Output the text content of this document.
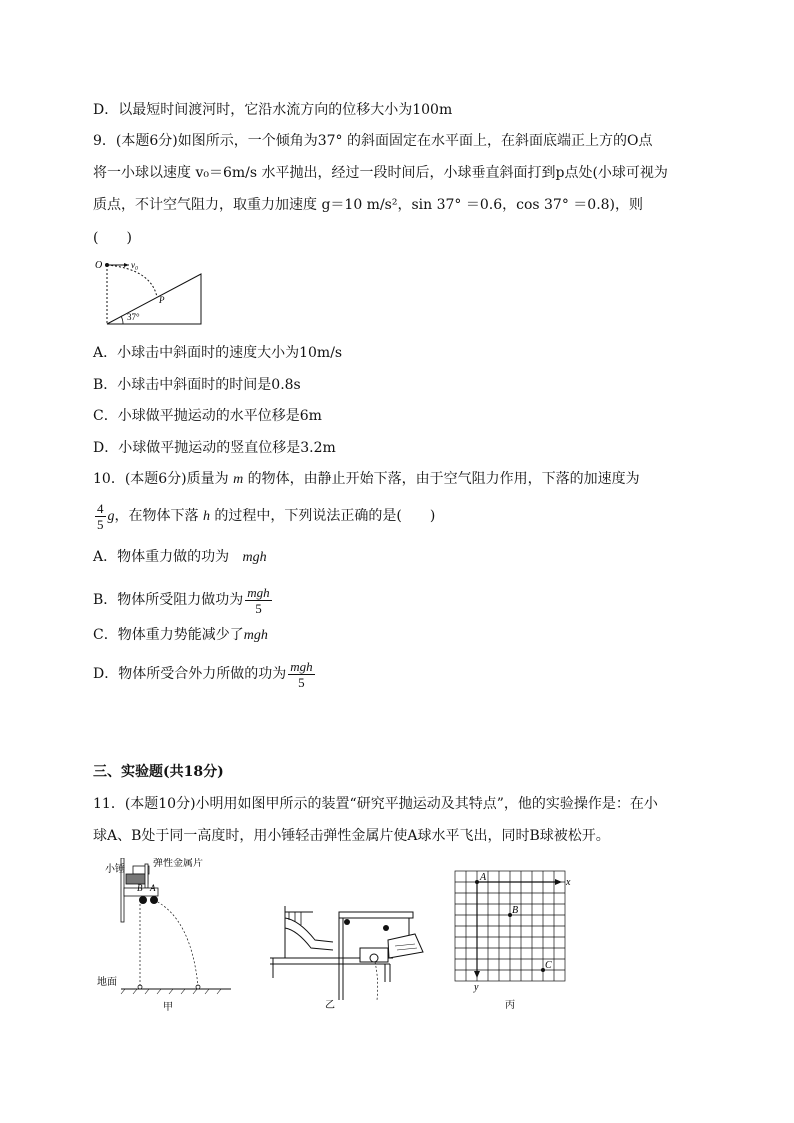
D．以最短时间渡河时，它沿水流方向的位移大小为100m
9．(本题6分)如图所示，一个倾角为37° 的斜面固定在水平面上，在斜面底端正上方的O点
将一小球以速度 v₀＝6m/s 水平抛出，经过一段时间后，小球垂直斜面打到p点处(小球可视为
质点，不计空气阻力，取重力加速度 g＝10 m/s²，sin 37° ＝0.6，cos 37° ＝0.8)，则
(　　)
O	v₀
P
37°
A．小球击中斜面时的速度大小为10m/s
B．小球击中斜面时的时间是0.8s
C．小球做平抛运动的水平位移是6m
D．小球做平抛运动的竖直位移是3.2m
10．(本题6分)质量为 m 的物体，由静止开始下落，由于空气阻力作用，下落的加速度为
$\frac{4}{5}$ g，在物体下落 h 的过程中，下列说法正确的是(　　)
A．物体重力做的功为 mgh
B．物体所受阻力做功为 $\frac{\text{mgh}}{5}$
C．物体重力势能减少了mgh
D．物体所受合外力所做的功为 $\frac{\text{mgh}}{5}$
三、实验题(共18分)
11．(本题10分)小明用如图甲所示的装置“研究平抛运动及其特点”，他的实验操作是：在小
球A、B处于同一高度时，用小锤轻击弹性金属片使A球水平飞出，同时B球被松开。
小锤
弹性金属片
B A
地面
甲	乙
A
B
C
x
y
丙
